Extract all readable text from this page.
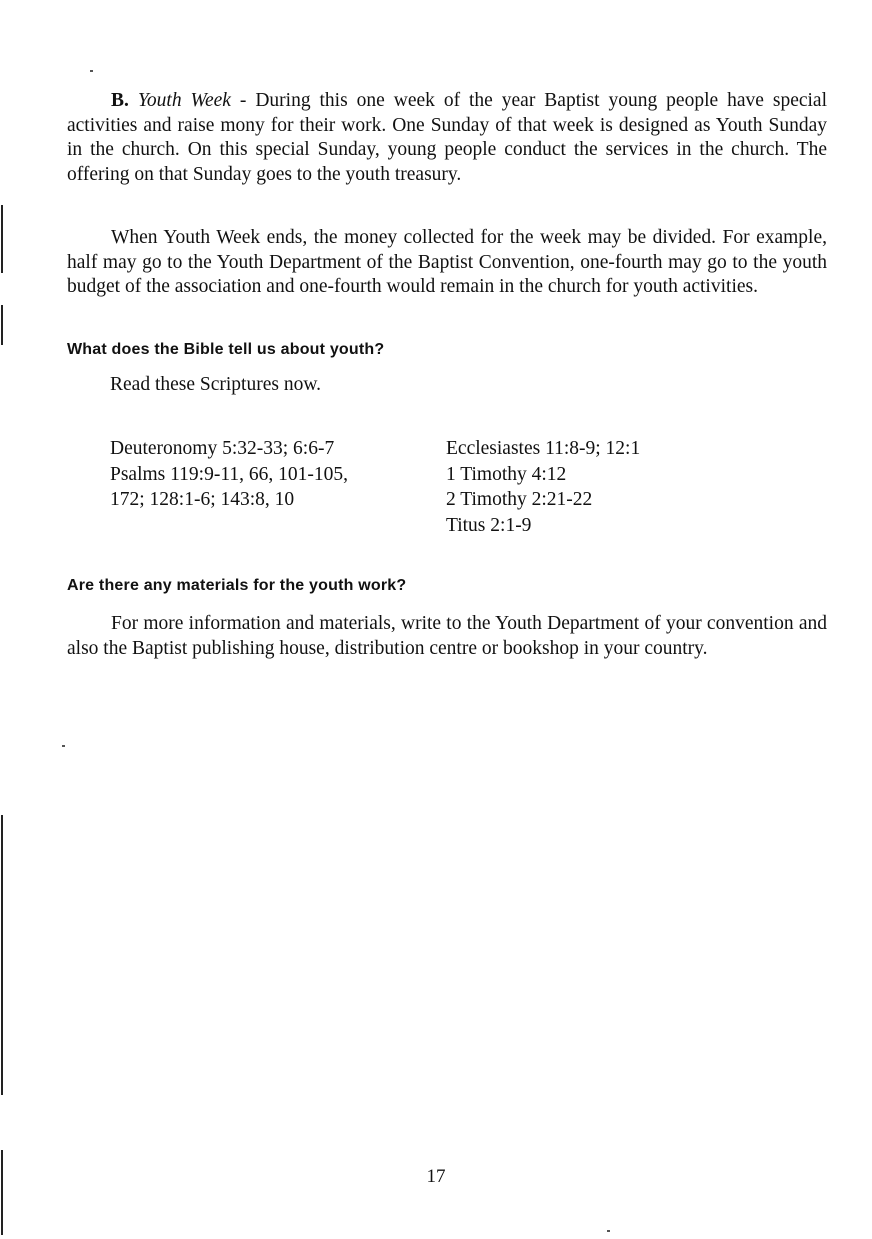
B. Youth Week - During this one week of the year Baptist young people have special activities and raise mony for their work. One Sunday of that week is designed as Youth Sunday in the church. On this special Sunday, young people conduct the services in the church. The offering on that Sunday goes to the youth treasury.

When Youth Week ends, the money collected for the week may be divided. For example, half may go to the Youth Department of the Baptist Convention, one-fourth may go to the youth budget of the association and one-fourth would remain in the church for youth activities.

What does the Bible tell us about youth?

Read these Scriptures now.

Deuteronomy 5:32-33; 6:6-7
Psalms 119:9-11, 66, 101-105,
172; 128:1-6; 143:8, 10
Ecclesiastes 11:8-9; 12:1
1 Timothy 4:12
2 Timothy 2:21-22
Titus 2:1-9

Are there any materials for the youth work?

For more information and materials, write to the Youth Department of your convention and also the Baptist publishing house, distribution centre or bookshop in your country.

17
